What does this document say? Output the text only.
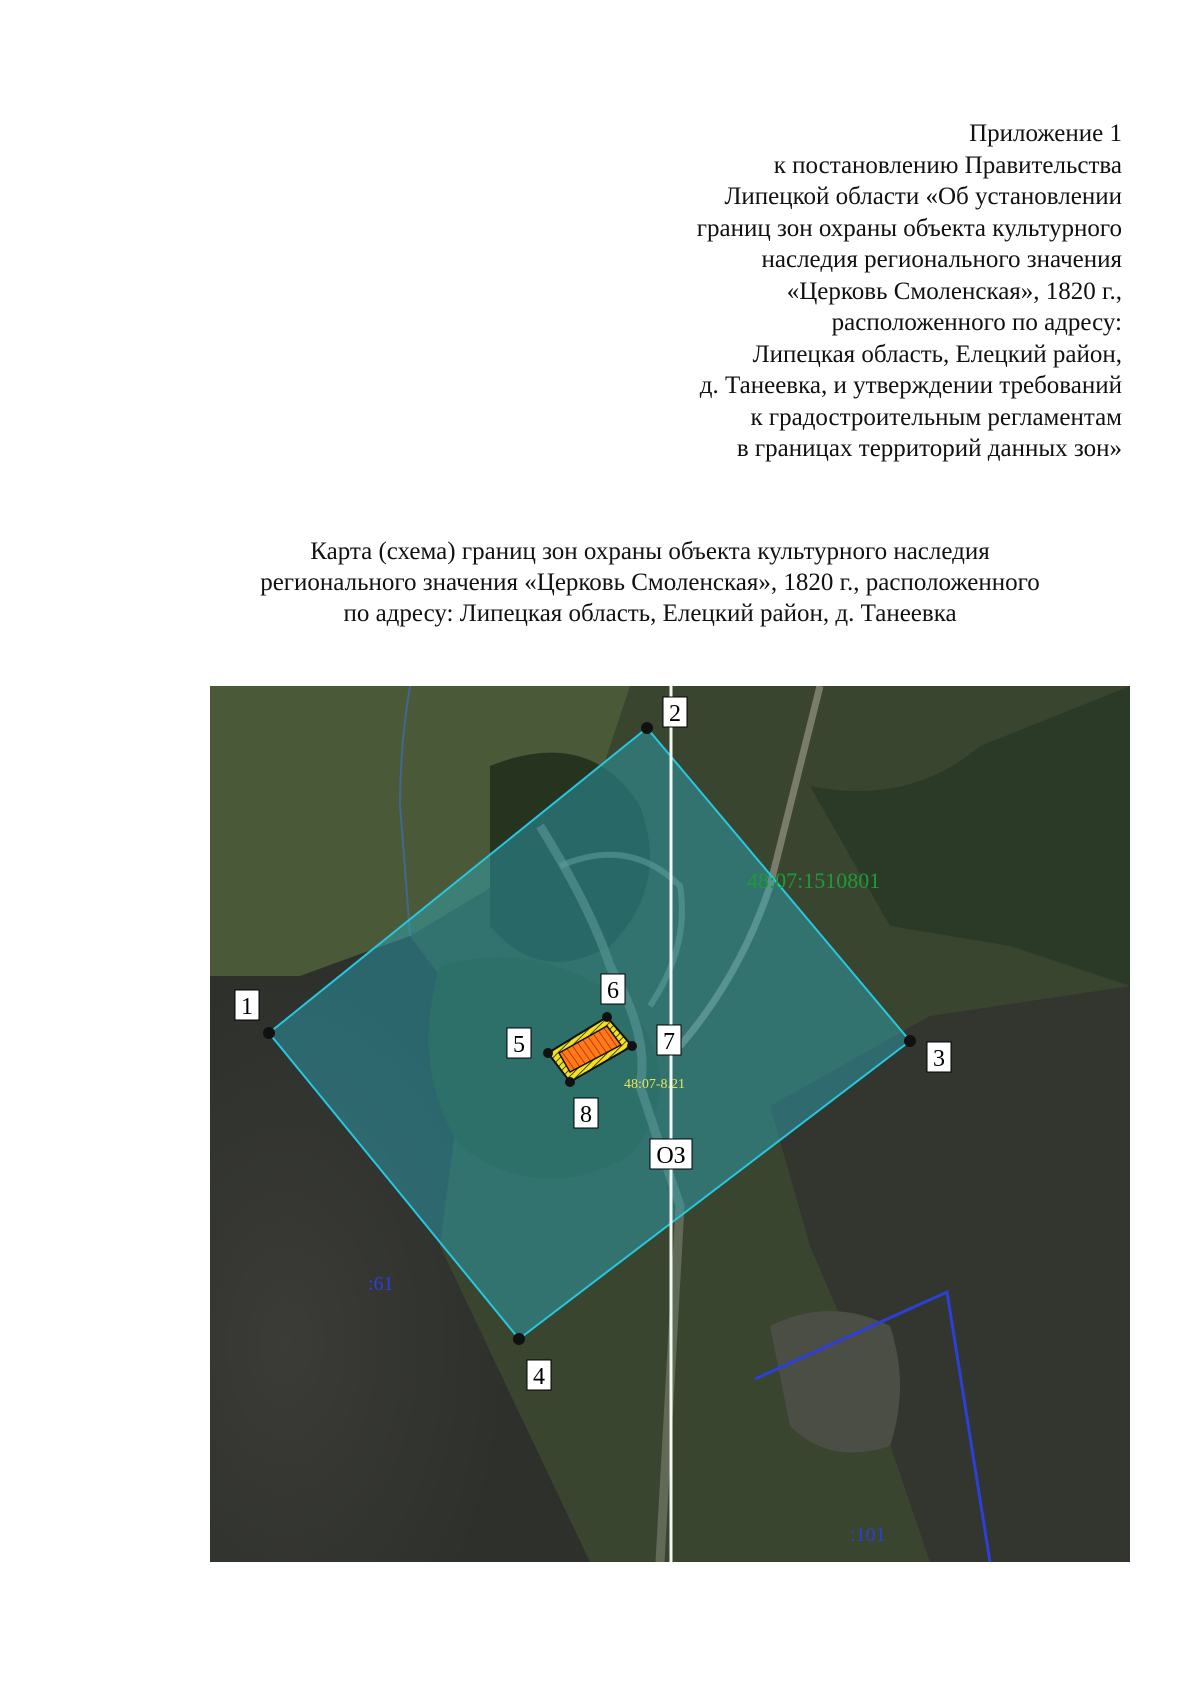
Приложение 1
к постановлению Правительства
Липецкой области «Об установлении
границ зон охраны объекта культурного
наследия регионального значения
«Церковь Смоленская», 1820 г.,
расположенного по адресу:
Липецкая область, Елецкий район,
д. Танеевка, и утверждении требований
к градостроительным регламентам
в границах территорий данных зон»
Карта (схема) границ зон охраны объекта культурного наследия
регионального значения «Церковь Смоленская», 1820 г., расположенного
по адресу: Липецкая область, Елецкий район, д. Танеевка
1
2
3
4
5
6
7
8
ОЗ
48:07:1510801
48:07-8.21
:61
:101
